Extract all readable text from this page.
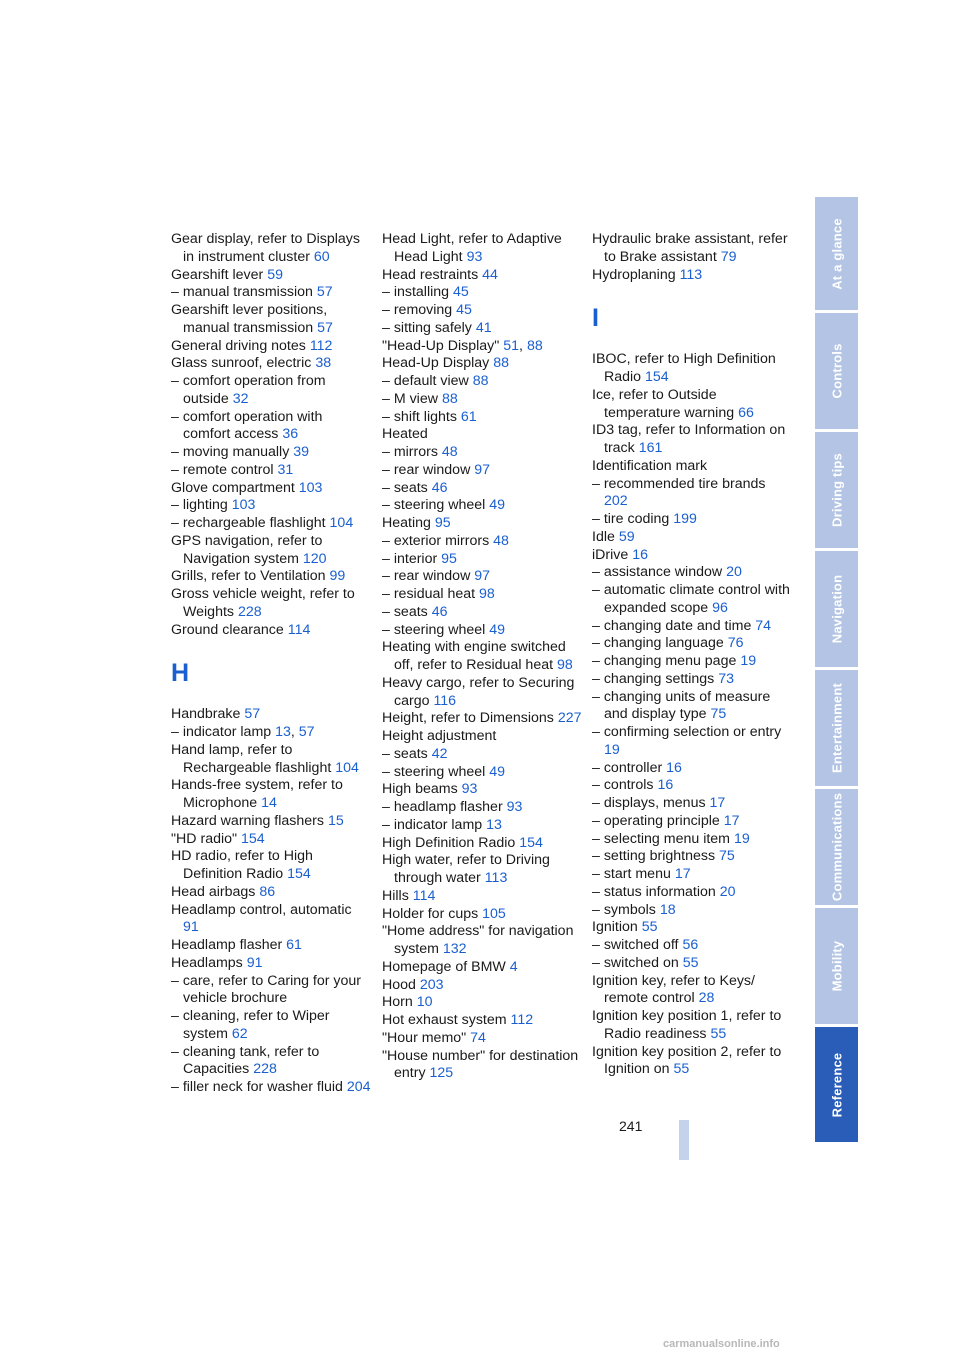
Gear display, refer to Displays in instrument cluster 60
Gearshift lever 59
– manual transmission 57
Gearshift lever positions, manual transmission 57
General driving notes 112
Glass sunroof, electric 38
– comfort operation from outside 32
– comfort operation with comfort access 36
– moving manually 39
– remote control 31
Glove compartment 103
– lighting 103
– rechargeable flashlight 104
GPS navigation, refer to Navigation system 120
Grills, refer to Ventilation 99
Gross vehicle weight, refer to Weights 228
Ground clearance 114
H
Handbrake 57
– indicator lamp 13, 57
Hand lamp, refer to Rechargeable flashlight 104
Hands-free system, refer to Microphone 14
Hazard warning flashers 15
"HD radio" 154
HD radio, refer to High Definition Radio 154
Head airbags 86
Headlamp control, automatic 91
Headlamp flasher 61
Headlamps 91
– care, refer to Caring for your vehicle brochure
– cleaning, refer to Wiper system 62
– cleaning tank, refer to Capacities 228
– filler neck for washer fluid 204
Head Light, refer to Adaptive Head Light 93
Head restraints 44
– installing 45
– removing 45
– sitting safely 41
"Head-Up Display" 51, 88
Head-Up Display 88
– default view 88
– M view 88
– shift lights 61
Heated
– mirrors 48
– rear window 97
– seats 46
– steering wheel 49
Heating 95
– exterior mirrors 48
– interior 95
– rear window 97
– residual heat 98
– seats 46
– steering wheel 49
Heating with engine switched off, refer to Residual heat 98
Heavy cargo, refer to Securing cargo 116
Height, refer to Dimensions 227
Height adjustment
– seats 42
– steering wheel 49
High beams 93
– headlamp flasher 93
– indicator lamp 13
High Definition Radio 154
High water, refer to Driving through water 113
Hills 114
Holder for cups 105
"Home address" for navigation system 132
Homepage of BMW 4
Hood 203
Horn 10
Hot exhaust system 112
"Hour memo" 74
"House number" for destination entry 125
Hydraulic brake assistant, refer to Brake assistant 79
Hydroplaning 113
I
IBOC, refer to High Definition Radio 154
Ice, refer to Outside temperature warning 66
ID3 tag, refer to Information on track 161
Identification mark
– recommended tire brands 202
– tire coding 199
Idle 59
iDrive 16
– assistance window 20
– automatic climate control with expanded scope 96
– changing date and time 74
– changing language 76
– changing menu page 19
– changing settings 73
– changing units of measure and display type 75
– confirming selection or entry 19
– controller 16
– controls 16
– displays, menus 17
– operating principle 17
– selecting menu item 19
– setting brightness 75
– start menu 17
– status information 20
– symbols 18
Ignition 55
– switched off 56
– switched on 55
Ignition key, refer to Keys/ remote control 28
Ignition key position 1, refer to Radio readiness 55
Ignition key position 2, refer to Ignition on 55
At a glance
Controls
Driving tips
Navigation
Entertainment
Communications
Mobility
Reference
241
carmanualsonline.info
